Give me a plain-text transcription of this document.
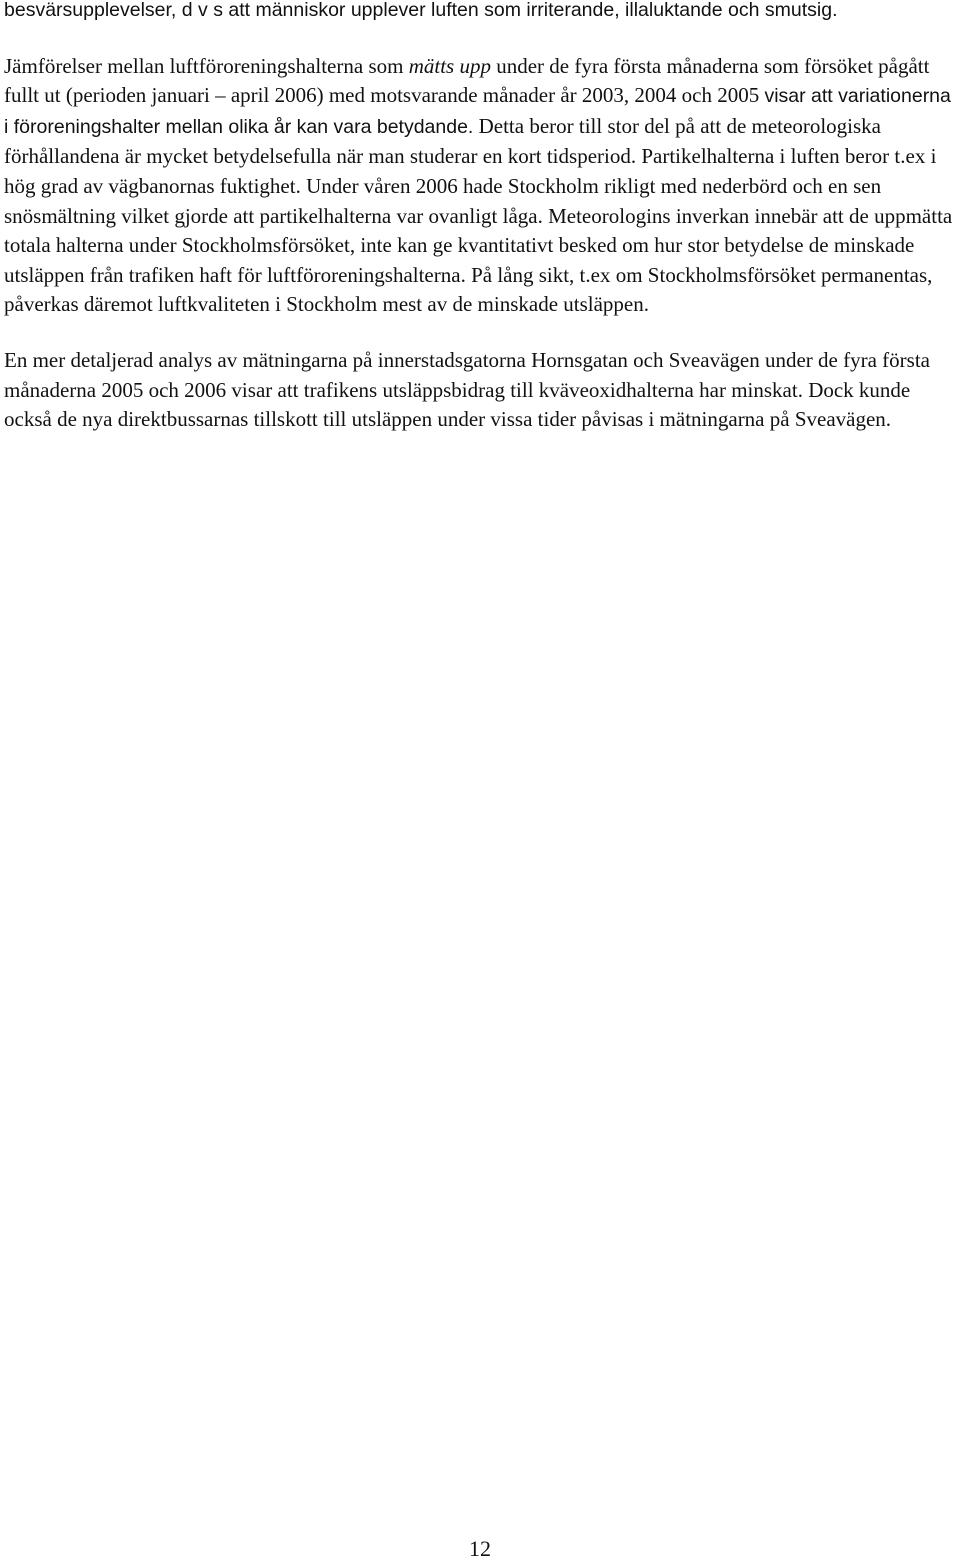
besvärsupplevelser, d v s att människor upplever luften som irriterande, illaluktande och smutsig.

Jämförelser mellan luftföroreningshalterna som mätts upp under de fyra första månaderna som försöket pågått fullt ut (perioden januari – april 2006) med motsvarande månader år 2003, 2004 och 2005 visar att variationerna i föroreningshalter mellan olika år kan vara betydande. Detta beror till stor del på att de meteorologiska förhållandena är mycket betydelsefulla när man studerar en kort tidsperiod. Partikelhalterna i luften beror t.ex i hög grad av vägbanornas fuktighet. Under våren 2006 hade Stockholm rikligt med nederbörd och en sen snösmältning vilket gjorde att partikelhalterna var ovanligt låga. Meteorologins inverkan innebär att de uppmätta totala halterna under Stockholmsförsöket, inte kan ge kvantitativt besked om hur stor betydelse de minskade utsläppen från trafiken haft för luftföroreningshalterna. På lång sikt, t.ex om Stockholmsförsöket permanentas, påverkas däremot luftkvaliteten i Stockholm mest av de minskade utsläppen.

En mer detaljerad analys av mätningarna på innerstadsgatorna Hornsgatan och Sveavägen under de fyra första månaderna 2005 och 2006 visar att trafikens utsläppsbidrag till kväveoxidhalterna har minskat. Dock kunde också de nya direktbussarnas tillskott till utsläppen under vissa tider påvisas i mätningarna på Sveavägen.

12
